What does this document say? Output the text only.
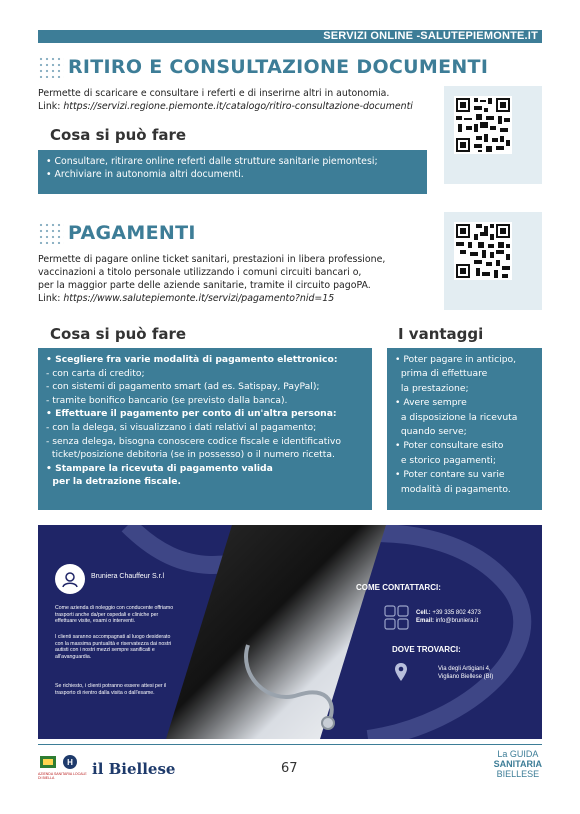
SERVIZI ONLINE -SALUTEPIEMONTE.IT
RITIRO E CONSULTAZIONE DOCUMENTI
Permette di scaricare e consultare i referti e di inserirne altri in autonomia.
Link: https://servizi.regione.piemonte.it/catalogo/ritiro-consultazione-documenti
Cosa si può fare
• Consultare, ritirare online referti dalle strutture sanitarie piemontesi;
• Archiviare in autonomia altri documenti.
PAGAMENTI
Permette di pagare online ticket sanitari, prestazioni in libera professione,
vaccinazioni a titolo personale utilizzando i comuni circuiti bancari o,
per la maggior parte delle aziende sanitarie, tramite il circuito pagoPA.
Link: https://www.salutepiemonte.it/servizi/pagamento?nid=15
Cosa si può fare
• Scegliere fra varie modalità di pagamento elettronico:
- con carta di credito;
- con sistemi di pagamento smart (ad es. Satispay, PayPal);
- tramite bonifico bancario (se previsto dalla banca).
• Effettuare il pagamento per conto di un'altra persona:
- con la delega, si visualizzano i dati relativi al pagamento;
- senza delega, bisogna conoscere codice fiscale e identificativo
ticket/posizione debitoria (se in possesso) o il numero ricetta.
• Stampare la ricevuta di pagamento valida
per la detrazione fiscale.
I vantaggi
• Poter pagare in anticipo,
prima di effettuare
la prestazione;
• Avere sempre
a disposizione la ricevuta
quando serve;
• Poter consultare esito
e storico pagamenti;
• Poter contare su varie
modalità di pagamento.
Bruniera Chauffeur S.r.l
Come azienda di noleggio con conducente offriamo trasporti anche da/per ospedali e cliniche per effettuare visite, esami o interventi.
I clienti saranno accompagnati al luogo desiderato con la massima puntualità e riservatezza dai nostri autisti con i nostri mezzi sempre sanificati e all'avanguardia.
Se richiesto, i clienti potranno essere attesi per il trasporto di rientro dalla visita o dall'esame.
COME CONTATTARCI:
Cell.: +39 335 802 4373
Email: info@bruniera.it
DOVE TROVARCI:
Via degli Artigiani 4,
Vigliano Biellese (BI)
H
AZIENDA SANITARIA LOCALE DI BIELLA	il Biellese	67
La GUIDA
SANITARIA
BIELLESE
